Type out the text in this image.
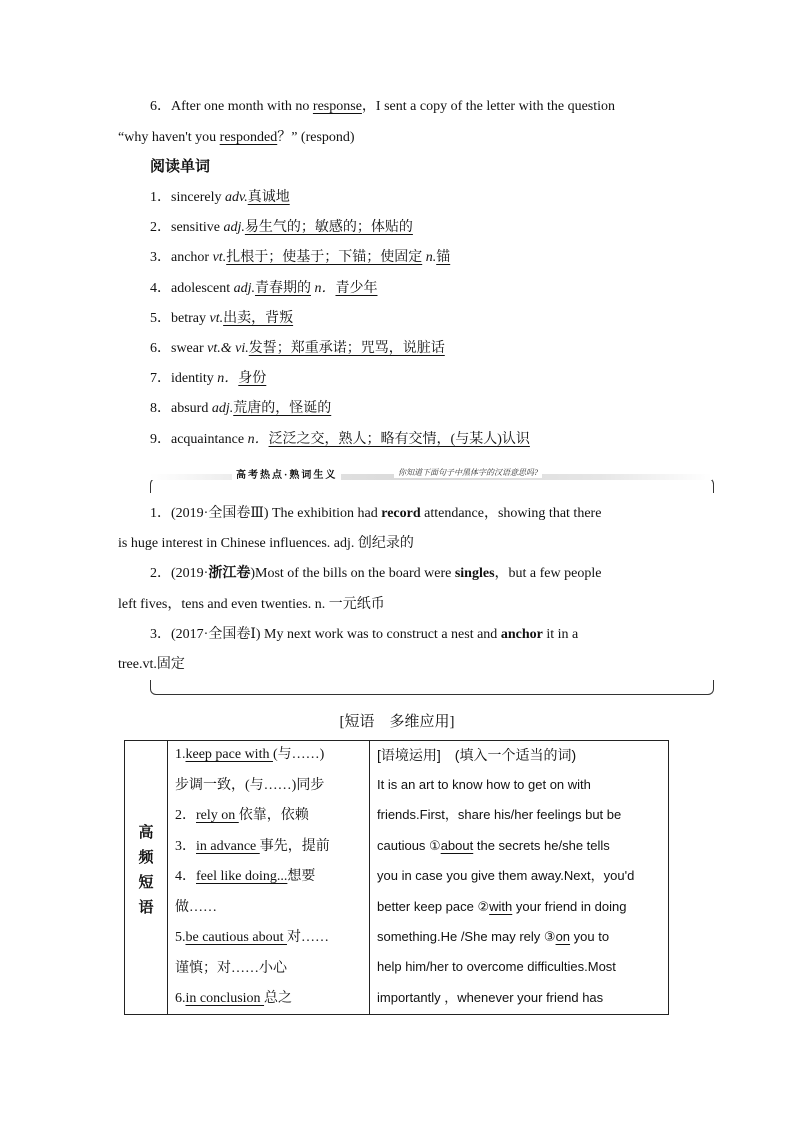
6．After one month with no response，I sent a copy of the letter with the question
“why haven't you responded？” (respond)
阅读单词
1．sincerely adv.真诚地
2．sensitive adj.易生气的；敏感的；体贴的
3．anchor vt.扎根于；使基于；下锚；使固定 n.锚
4．adolescent adj.青春期的 n．青少年
5．betray vt.出卖，背叛
6．swear vt.& vi.发誓；郑重承诺；咒骂，说脏话
7．identity n．身份
8．absurd adj.荒唐的，怪诞的
9．acquaintance n．泛泛之交，熟人；略有交情，(与某人)认识
高考热点·熟词生义	你知道下面句子中黑体字的汉语意思吗?
1．(2019·全国卷Ⅲ) The exhibition had record attendance，showing that there
is huge interest in Chinese influences. adj. 创纪录的
2．(2019·浙江卷)Most of the bills on the board were singles，but a few people
left fives，tens and even twenties. n. 一元纸币
3．(2017·全国卷Ⅰ) My next work was to construct a nest and anchor it in a
tree.vt.固定
[短语　多维应用]
高
频
短
语
1.keep pace with (与……)
步调一致，(与……)同步
2．rely on 依靠，依赖
3．in advance 事先，提前
4．feel like doing...想要
做……
5.be cautious about 对……
谨慎；对……小心
6.in conclusion 总之
[语境运用]　(填入一个适当的词)
It is an art to know how to get on with
friends.First，share his/her feelings but be
cautious ①about the secrets he/she tells
you in case you give them away.Next，you'd
better keep pace ②with your friend in doing
something.He /She may rely ③on you to
help him/her to overcome difficulties.Most
importantly ，whenever your friend has
